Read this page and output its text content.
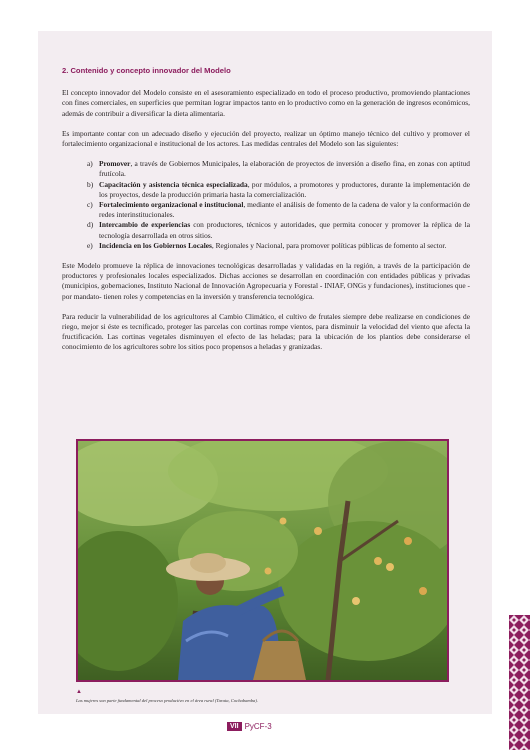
2. Contenido y concepto innovador del Modelo

El concepto innovador del Modelo consiste en el asesoramiento especializado en todo el proceso productivo, promoviendo plantaciones con fines comerciales, en superficies que permitan lograr impactos tanto en lo productivo como en la generación de ingresos económicos, además de contribuir a diversificar la dieta alimentaria.

Es importante contar con un adecuado diseño y ejecución del proyecto, realizar un óptimo manejo técnico del cultivo y promover el fortalecimiento organizacional e institucional de los actores. Las medidas centrales del Modelo son las siguientes:

a) Promover, a través de Gobiernos Municipales, la elaboración de proyectos de inversión a diseño fina, en zonas con aptitud frutícola.
b) Capacitación y asistencia técnica especializada, por módulos, a promotores y productores, durante la implementación de los proyectos, desde la producción primaria hasta la comercialización.
c) Fortalecimiento organizacional e institucional, mediante el análisis de fomento de la cadena de valor y la conformación de redes interinstitucionales.
d) Intercambio de experiencias con productores, técnicos y autoridades, que permita conocer y promover la réplica de la tecnología desarrollada en otros sitios.
e) Incidencia en los Gobiernos Locales, Regionales y Nacional, para promover políticas públicas de fomento al sector.

Este Modelo promueve la réplica de innovaciones tecnológicas desarrolladas y validadas en la región, a través de la participación de productores y profesionales locales especializados. Dichas acciones se desarrollan en coordinación con entidades públicas y privadas (municipios, gobernaciones, Instituto Nacional de Innovación Agropecuaria y Forestal - INIAF, ONGs y fundaciones), instituciones que -por mandato- tienen roles y competencias en la inversión y transferencia tecnológica.

Para reducir la vulnerabilidad de los agricultores al Cambio Climático, el cultivo de frutales siempre debe realizarse en condiciones de riego, mejor si éste es tecnificado, proteger las parcelas con cortinas rompe vientos, para disminuir la velocidad del viento que afecta la fructificación. Las cortinas vegetales disminuyen el efecto de las heladas; para la ubicación de los plantíos debe considerarse el conocimiento de los agricultores sobre los sitios poco propensos a heladas y granizadas.

▲
Las mujeres son parte fundamental del proceso productivo en el área rural (Tarata, Cochabamba).
VII PyCF-3
